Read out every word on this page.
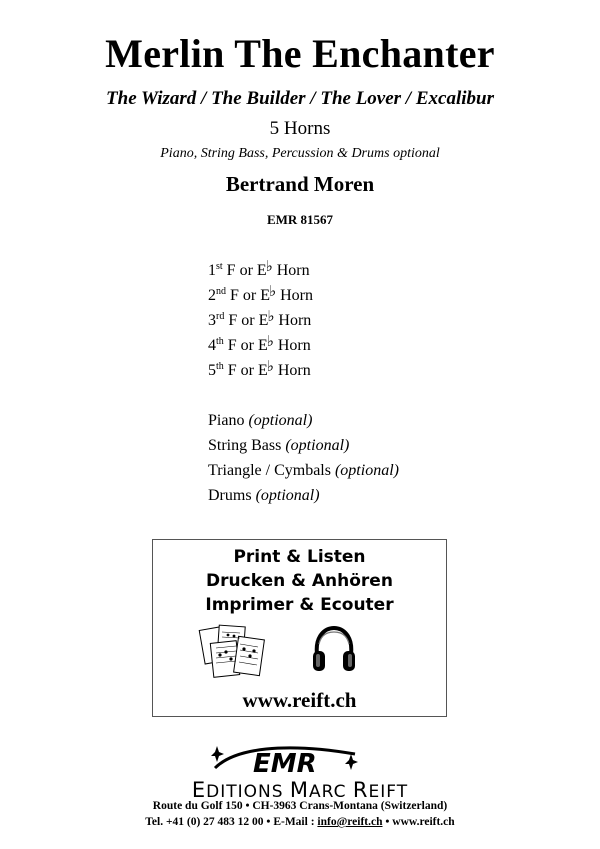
Merlin The Enchanter
The Wizard / The Builder / The Lover / Excalibur
5 Horns
Piano, String Bass, Percussion & Drums optional
Bertrand Moren
EMR 81567
1st F or E♭ Horn
2nd F or E♭ Horn
3rd F or E♭ Horn
4th F or E♭ Horn
5th F or E♭ Horn
Piano (optional)
String Bass (optional)
Triangle / Cymbals (optional)
Drums (optional)
Print & Listen
Drucken & Anhören
Imprimer & Ecouter
www.reift.ch
EMR
EDITIONS MARC REIFT
Route du Golf 150 • CH-3963 Crans-Montana (Switzerland)
Tel. +41 (0) 27 483 12 00 • E-Mail : info@reift.ch • www.reift.ch
